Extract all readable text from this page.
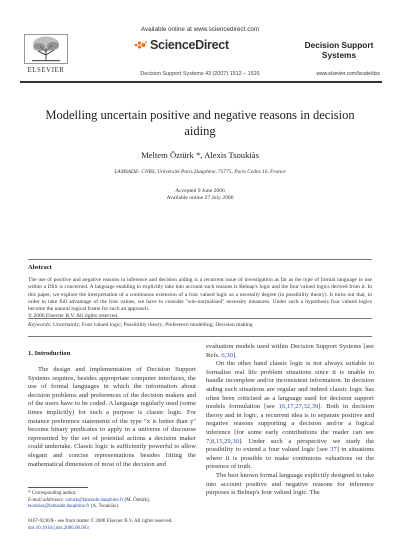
Available online at www.sciencedirect.com
ScienceDirect
ELSEVIER	Decision Support Systems 43 (2007) 1512 – 1526
Decision Support
Systems
www.elsevier.com/locate/dss
Modelling uncertain positive and negative reasons in decision aiding
Meltem Öztürk *, Alexis Tsoukiàs
LAMSADE- CNRS, Université Paris Dauphine, 75775, Paris Cedex 16, France
Accepted 9 June 2006
Available online 27 July 2006
Abstract
The use of positive and negative reasons in inference and decision aiding is a recurrent issue of investigation as far as the type of formal language to use within a DSS is concerned. A language enabling to explicitly take into account such reasons is Belnap's logic and the four valued logics derived from it. In this paper, we explore the interpretation of a continuous extension of a four valued logic as a necessity degree (in possibility theory). It turns out that, in order to take full advantage of the four values, we have to consider "sub-normalised" necessity measures. Under such a hypothesis four valued logics become the natural logical frame for such an approach.
© 2006 Elsevier B.V. All rights reserved.
Keywords: Uncertainty; Four valued logic; Possibility theory; Preference modelling; Decision making
1. Introduction
The design and implementation of Decision Support Systems requires, besides appropriate computer interfaces, the use of formal languages in which the information about decision problems and preferences of the decision makers and of the users have to be coded. A language regularly used (some times implicitly) for such a purpose is classic logic. For instance preference statements of the type "x is better than y" become binary predicates to apply in a universe of discourse represented by the set of potential actions a decision maker could undertake. Classic logic is sufficiently powerful to allow elegant and concise representations besides fitting the mathematical dimension of most of the decision and

evaluation models used within Decision Support Systems [see Refs. 6,30].

On the other hand classic logic is not always suitable to formalise real life problem situations since it is unable to handle incomplete and/or inconsistent information. In decision aiding such situations are regular and indeed classic logic has often been criticised as a language used for decision support models formulation [see 16,17,27,32,39]. Both in decision theory and in logic, a recurrent idea is to separate positive and negative reasons supporting a decision and/or a logical inference [for some early contributions the reader can see 7,8,15,29,30]. Under such a perspective we study the possibility to extend a four valued logic [see 37] in situations where it is possible to make continuous valuations on the presence of truth.

The best known formal language explicitly designed to take into account positive and negative reasons for inference purposes is Belnap's four valued logic. The

* Corresponding author.
E-mail addresses: ozturk@lamsade.dauphine.fr (M. Öztürk),
tsoukias@lamsade.dauphine.fr (A. Tsoukiàs).
0167-9236/$ - see front matter © 2006 Elsevier B.V. All rights reserved.
doi:10.1016/j.dss.2006.06.003
